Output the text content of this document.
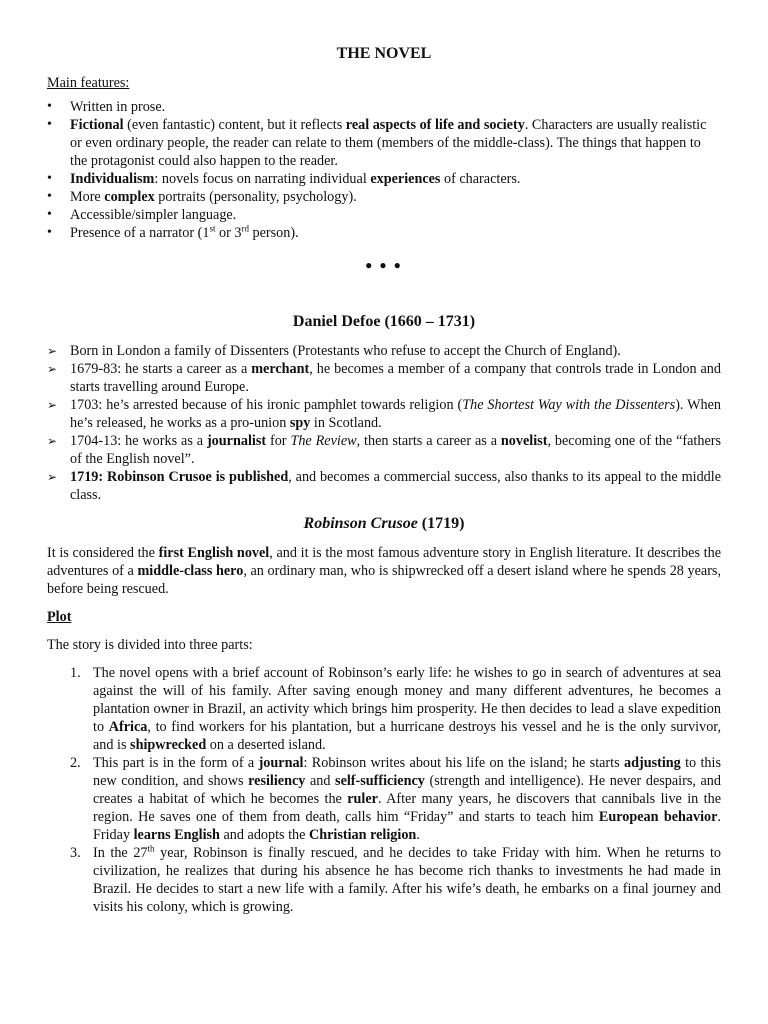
THE NOVEL
Main features:
• Written in prose.
• Fictional (even fantastic) content, but it reflects real aspects of life and society. Characters are usually realistic or even ordinary people, the reader can relate to them (members of the middle-class). The things that happen to the protagonist could also happen to the reader.
• Individualism: novels focus on narrating individual experiences of characters.
• More complex portraits (personality, psychology).
• Accessible/simpler language.
• Presence of a narrator (1st or 3rd person).
● ● ●
Daniel Defoe (1660 – 1731)
➢ Born in London a family of Dissenters (Protestants who refuse to accept the Church of England).
➢ 1679-83: he starts a career as a merchant, he becomes a member of a company that controls trade in London and starts travelling around Europe.
➢ 1703: he’s arrested because of his ironic pamphlet towards religion (The Shortest Way with the Dissenters). When he’s released, he works as a pro-union spy in Scotland.
➢ 1704-13: he works as a journalist for The Review, then starts a career as a novelist, becoming one of the “fathers of the English novel”.
➢ 1719: Robinson Crusoe is published, and becomes a commercial success, also thanks to its appeal to the middle class.
Robinson Crusoe (1719)

It is considered the first English novel, and it is the most famous adventure story in English literature. It describes the adventures of a middle-class hero, an ordinary man, who is shipwrecked off a desert island where he spends 28 years, before being rescued.

Plot

The story is divided into three parts:

1. The novel opens with a brief account of Robinson’s early life: he wishes to go in search of adventures at sea against the will of his family. After saving enough money and many different adventures, he becomes a plantation owner in Brazil, an activity which brings him prosperity. He then decides to lead a slave expedition to Africa, to find workers for his plantation, but a hurricane destroys his vessel and he is the only survivor, and is shipwrecked on a deserted island.
2. This part is in the form of a journal: Robinson writes about his life on the island; he starts adjusting to this new condition, and shows resiliency and self-sufficiency (strength and intelligence). He never despairs, and creates a habitat of which he becomes the ruler. After many years, he discovers that cannibals live in the region. He saves one of them from death, calls him “Friday” and starts to teach him European behavior. Friday learns English and adopts the Christian religion.
3. In the 27th year, Robinson is finally rescued, and he decides to take Friday with him. When he returns to civilization, he realizes that during his absence he has become rich thanks to investments he had made in Brazil. He decides to start a new life with a family. After his wife’s death, he embarks on a final journey and visits his colony, which is growing.
